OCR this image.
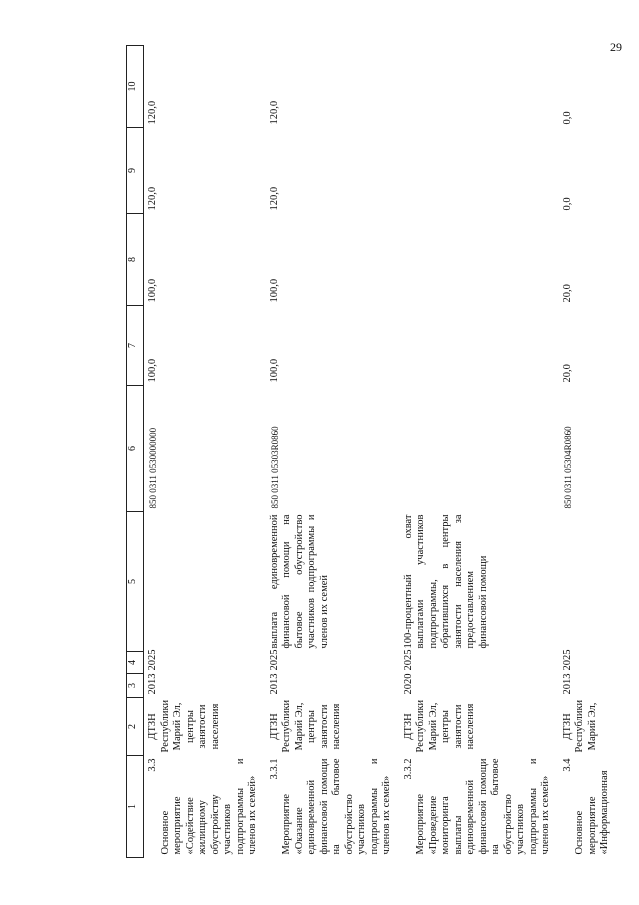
29
1	2	3	4	5	6	7	8	9	10

3.3
Основное мероприятие «Содействие жилищному обустройству участников подпрограммы и членов их семей»	ДТЗН Республики Марий Эл, центры занятости населения	2013	2025		850 0311 0530000000	100,0	100,0	120,0	120,0

3.3.1
Мероприятие «Оказание единовременной финансовой помощи на бытовое обустройство участников подпрограммы и членов их семей»	ДТЗН Республики Марий Эл, центры занятости населения	2013	2025	выплата единовременной финансовой помощи на бытовое обустройство участников подпрограммы и членов их семей	850 0311 05303R0860	100,0	100,0	120,0	120,0

3.3.2
Мероприятие «Проведение мониторинга выплаты единовременной финансовой помощи на бытовое обустройство участников подпрограммы и членов их семей»	ДТЗН Республики Марий Эл, центры занятости населения	2020	2025	100-процентный охват выплатами участников подпрограммы, обратившихся в центры занятости населения за предоставлением финансовой помощи					

3.4
Основное мероприятие «Информационная	ДТЗН Республики Марий Эл,	2013	2025		850 0311 05304R0860	20,0	20,0	0,0	0,0
